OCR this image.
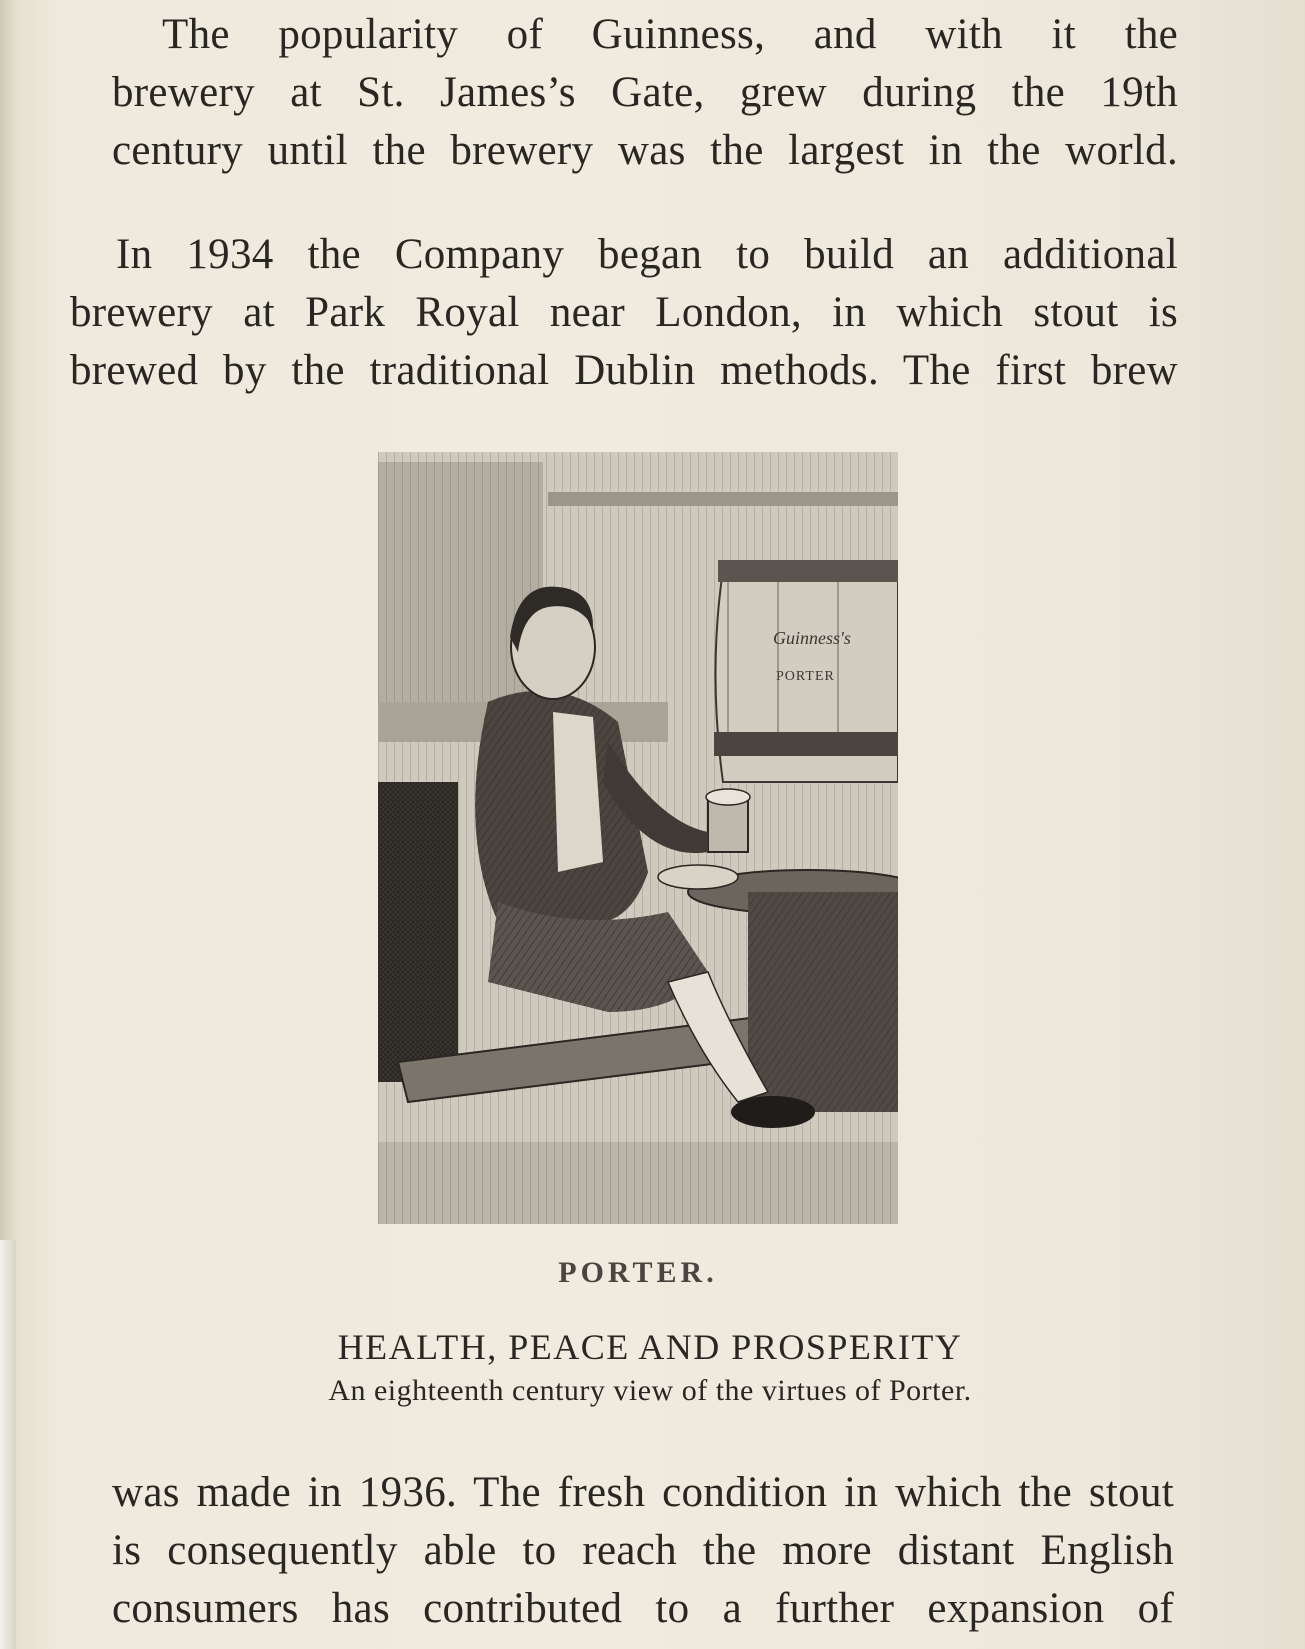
The popularity of Guinness, and with it the
brewery at St. James’s Gate, grew during the 19th
century until the brewery was the largest in the world.
In 1934 the Company began to build an additional
brewery at Park Royal near London, in which stout is
brewed by the traditional Dublin methods. The first brew
Guinness's
PORTER
PORTER.
HEALTH, PEACE AND PROSPERITY
An eighteenth century view of the virtues of Porter.
was made in 1936. The fresh condition in which the stout
is consequently able to reach the more distant English
consumers has contributed to a further expansion of
